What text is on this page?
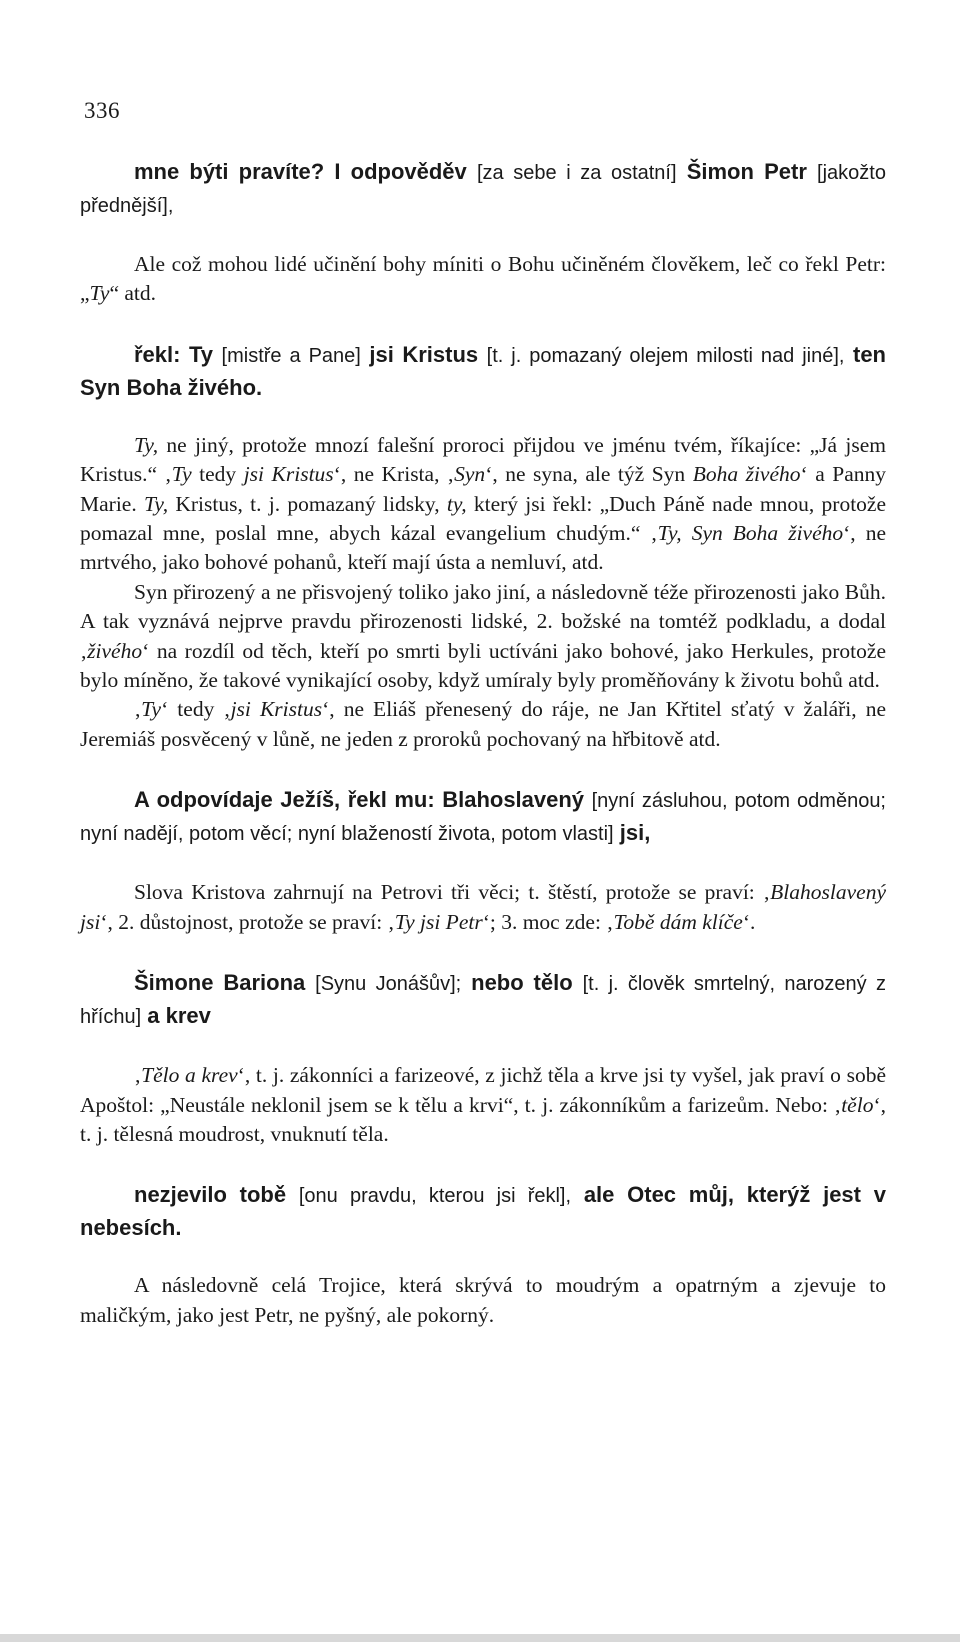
336

mne býti pravíte? I odpověděv [za sebe i za ostatní] Šimon Petr [jakožto přednější],

Ale což mohou lidé učinění bohy míniti o Bohu učiněném člověkem, leč co řekl Petr: „Ty“ atd.

řekl: Ty [mistře a Pane] jsi Kristus [t. j. pomazaný olejem milosti nad jiné], ten Syn Boha živého.

Ty, ne jiný, protože mnozí falešní proroci přijdou ve jménu tvém, říkajíce: „Já jsem Kristus.“ ‚Ty tedy jsi Kristus‘, ne Krista, ‚Syn‘, ne syna, ale týž Syn Boha živého‘ a Panny Marie. Ty, Kristus, t. j. pomazaný lidsky, ty, který jsi řekl: „Duch Páně nade mnou, protože pomazal mne, poslal mne, abych kázal evangelium chudým.“ ‚Ty, Syn Boha živého‘, ne mrtvého, jako bohové pohanů, kteří mají ústa a nemluví, atd.

Syn přirozený a ne přisvojený toliko jako jiní, a následovně téže přirozenosti jako Bůh. A tak vyznává nejprve pravdu přirozenosti lidské, 2. božské na tomtéž podkladu, a dodal ‚živého‘ na rozdíl od těch, kteří po smrti byli uctíváni jako bohové, jako Herkules, protože bylo míněno, že takové vynikající osoby, když umíraly byly proměňovány k životu bohů atd.

‚Ty‘ tedy ‚jsi Kristus‘, ne Eliáš přenesený do ráje, ne Jan Křtitel sťatý v žaláři, ne Jeremiáš posvěcený v lůně, ne jeden z proroků pochovaný na hřbitově atd.

A odpovídaje Ježíš, řekl mu: Blahoslavený [nyní zásluhou, potom odměnou; nyní nadějí, potom věcí; nyní blažeností života, potom vlasti] jsi,

Slova Kristova zahrnují na Petrovi tři věci; t. štěstí, protože se praví: ‚Blahoslavený jsi‘, 2. důstojnost, protože se praví: ‚Ty jsi Petr‘; 3. moc zde: ‚Tobě dám klíče‘.

Šimone Bariona [Synu Jonášův]; nebo tělo [t. j. člověk smrtelný, narozený z hříchu] a krev

‚Tělo a krev‘, t. j. zákonníci a farizeové, z jichž těla a krve jsi ty vyšel, jak praví o sobě Apoštol: „Neustále neklonil jsem se k tělu a krvi“, t. j. zákonníkům a farizeům. Nebo: ‚tělo‘, t. j. tělesná moudrost, vnuknutí těla.

nezjevilo tobě [onu pravdu, kterou jsi řekl], ale Otec můj, kterýž jest v nebesích.

A následovně celá Trojice, která skrývá to moudrým a opatrným a zjevuje to maličkým, jako jest Petr, ne pyšný, ale pokorný.
